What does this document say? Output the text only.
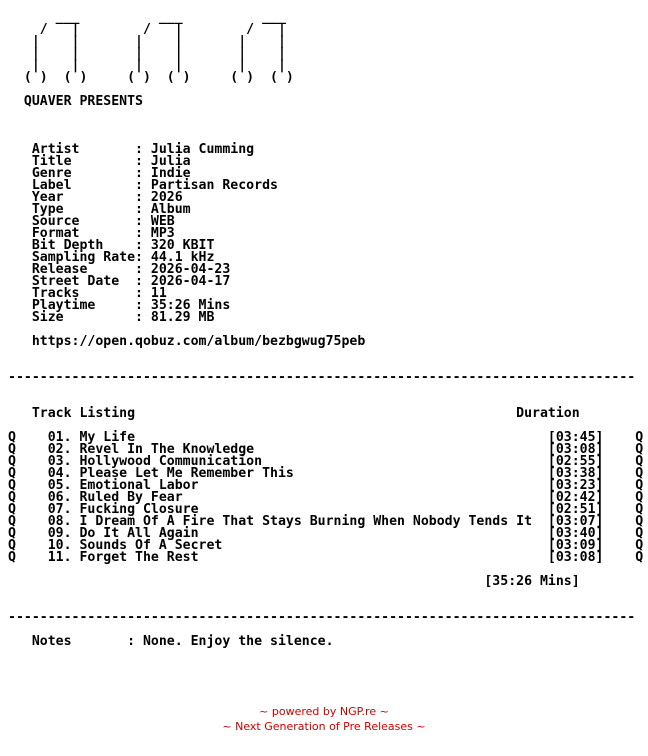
___          ___          ___
/   |        /   |        /   |
|    |       |    |       |    |
|    |       |    |       |    |
|    |       |    |       |    |
( )  ( )     ( )  ( )     ( )  ( )

QUAVER PRESENTS

Artist       : Julia Cumming
Title        : Julia
Genre        : Indie
Label        : Partisan Records
Year         : 2026
Type         : Album
Source       : WEB
Format       : MP3
Bit Depth    : 320 KBIT
Sampling Rate: 44.1 kHz
Release      : 2026-04-23
Street Date  : 2026-04-17
Tracks       : 11
Playtime     : 35:26 Mins
Size         : 81.29 MB

https://open.qobuz.com/album/bezbgwug75peb

-------------------------------------------------------------------------------

Track Listing                                                Duration

Q    01. My Life                                                    [03:45]    Q
Q    02. Revel In The Knowledge                                     [03:08]    Q
Q    03. Hollywood Communication                                    [02:55]    Q
Q    04. Please Let Me Remember This                                [03:38]    Q
Q    05. Emotional Labor                                            [03:23]    Q
Q    06. Ruled By Fear                                              [02:42]    Q
Q    07. Fucking Closure                                            [02:51]    Q
Q    08. I Dream Of A Fire That Stays Burning When Nobody Tends It  [03:07]    Q
Q    09. Do It All Again                                            [03:40]    Q
Q    10. Sounds Of A Secret                                         [03:09]    Q
Q    11. Forget The Rest                                            [03:08]    Q

[35:26 Mins]

-------------------------------------------------------------------------------

Notes       : None. Enjoy the silence.
~ powered by NGP.re ~
~ Next Generation of Pre Releases ~
